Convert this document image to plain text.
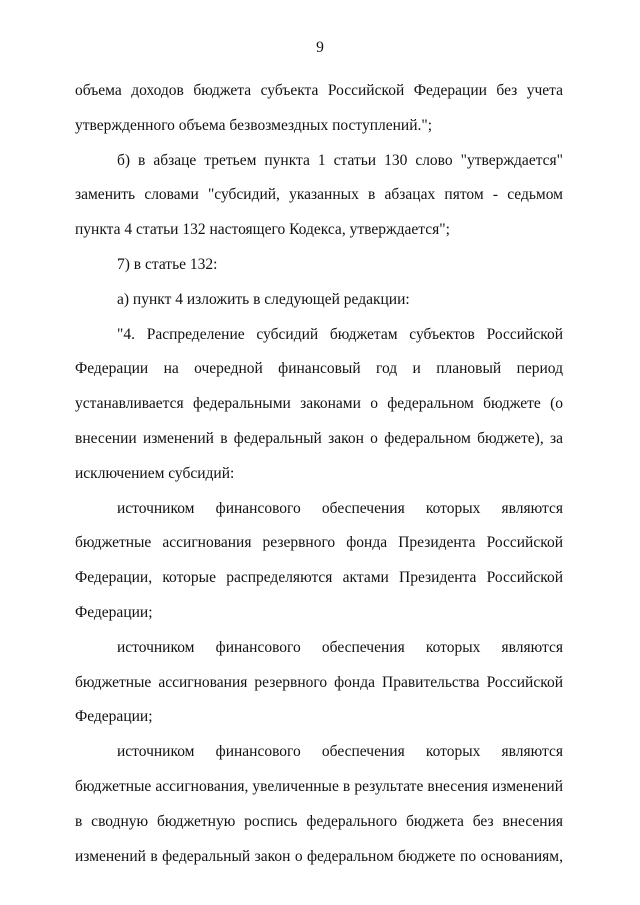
9

объема доходов бюджета субъекта Российской Федерации без учета утвержденного объема безвозмездных поступлений.";

б) в абзаце третьем пункта 1 статьи 130 слово "утверждается" заменить словами "субсидий, указанных в абзацах пятом - седьмом пункта 4 статьи 132 настоящего Кодекса, утверждается";

7) в статье 132:

а) пункт 4 изложить в следующей редакции:

"4. Распределение субсидий бюджетам субъектов Российской Федерации на очередной финансовый год и плановый период устанавливается федеральными законами о федеральном бюджете (о внесении изменений в федеральный закон о федеральном бюджете), за исключением субсидий:

источником финансового обеспечения которых являются бюджетные ассигнования резервного фонда Президента Российской Федерации, которые распределяются актами Президента Российской Федерации;

источником финансового обеспечения которых являются бюджетные ассигнования резервного фонда Правительства Российской Федерации;

источником финансового обеспечения которых являются бюджетные ассигнования, увеличенные в результате внесения изменений в сводную бюджетную роспись федерального бюджета без внесения изменений в федеральный закон о федеральном бюджете по основаниям,
